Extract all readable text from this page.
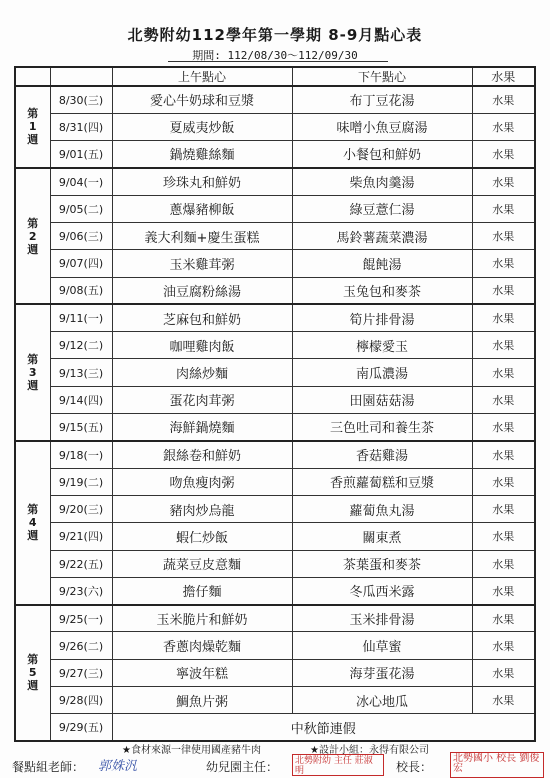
北勢附幼112學年第一學期 8-9月點心表
期間: 112/08/30～112/09/30
		上午點心	下午點心	水果
第
1
週	8/30(三)	愛心牛奶球和豆漿	布丁豆花湯	水果
	8/31(四)	夏威夷炒飯	味噌小魚豆腐湯	水果
	9/01(五)	鍋燒雞絲麵	小餐包和鮮奶	水果
第
2
週	9/04(一)	珍珠丸和鮮奶	柴魚肉羹湯	水果
	9/05(二)	蔥爆豬柳飯	綠豆薏仁湯	水果
	9/06(三)	義大利麵+慶生蛋糕	馬鈴薯蔬菜濃湯	水果
	9/07(四)	玉米雞茸粥	餛飩湯	水果
	9/08(五)	油豆腐粉絲湯	玉兔包和麥茶	水果
第
3
週	9/11(一)	芝麻包和鮮奶	筍片排骨湯	水果
	9/12(二)	咖哩雞肉飯	檸檬愛玉	水果
	9/13(三)	肉絲炒麵	南瓜濃湯	水果
	9/14(四)	蛋花肉茸粥	田園菇菇湯	水果
	9/15(五)	海鮮鍋燒麵	三色吐司和養生茶	水果
第
4
週	9/18(一)	銀絲卷和鮮奶	香菇雞湯	水果
	9/19(二)	吻魚瘦肉粥	香煎蘿蔔糕和豆漿	水果
	9/20(三)	豬肉炒烏龍	蘿蔔魚丸湯	水果
	9/21(四)	蝦仁炒飯	關東煮	水果
	9/22(五)	蔬菜豆皮意麵	茶葉蛋和麥茶	水果
	9/23(六)	擔仔麵	冬瓜西米露	水果
第
5
週	9/25(一)	玉米脆片和鮮奶	玉米排骨湯	水果
	9/26(二)	香蔥肉燥乾麵	仙草蜜	水果
	9/27(三)	寧波年糕	海芽蛋花湯	水果
	9/28(四)	鯛魚片粥	冰心地瓜	水果
	9/29(五)	中秋節連假		
★食材來源一律使用國產豬牛肉	★設計小組：永得有限公司
餐點組老師： 郭姝汎	幼兒園主任：	北勢附幼 主任 莊淑明	校長：
北勢國小 校長 劉俊宏
